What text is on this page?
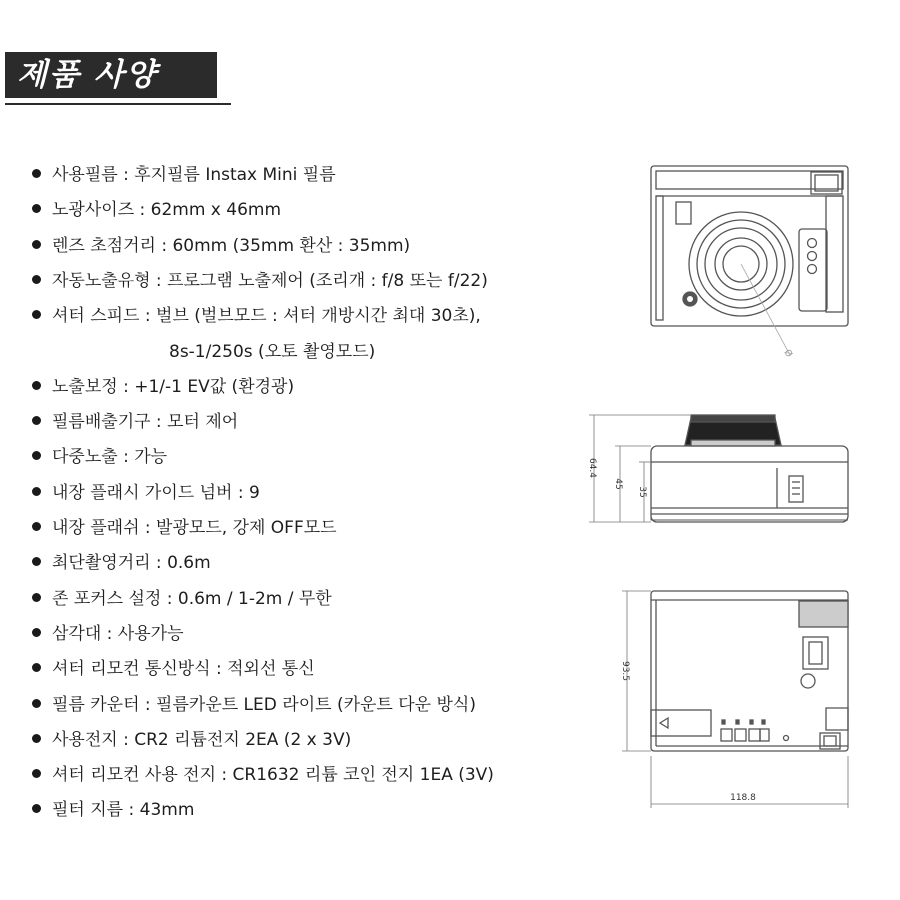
제품 사양
사용필름 : 후지필름 Instax Mini 필름
노광사이즈 : 62mm x 46mm
렌즈 초점거리 : 60mm (35mm 환산 : 35mm)
자동노출유형 : 프로그램 노출제어 (조리개 : f/8 또는 f/22)
셔터 스피드 : 벌브 (벌브모드 : 셔터 개방시간 최대 30초),
8s-1/250s (오토 촬영모드)
노출보정 : +1/-1 EV값 (환경광)
필름배출기구 : 모터 제어
다중노출 : 가능
내장 플래시 가이드 넘버 : 9
내장 플래쉬 : 발광모드, 강제 OFF모드
최단촬영거리 : 0.6m
존 포커스 설정 : 0.6m / 1-2m / 무한
삼각대 : 사용가능
셔터 리모컨 통신방식 : 적외선 통신
필름 카운터 : 필름카운트 LED 라이트 (카운트 다운 방식)
사용전지 : CR2 리튬전지 2EA (2 x 3V)
셔터 리모컨 사용 전지 : CR1632 리튬 코인 전지 1EA (3V)
필터 지름 : 43mm
Ø
64.4
45
35
93.5
118.8
